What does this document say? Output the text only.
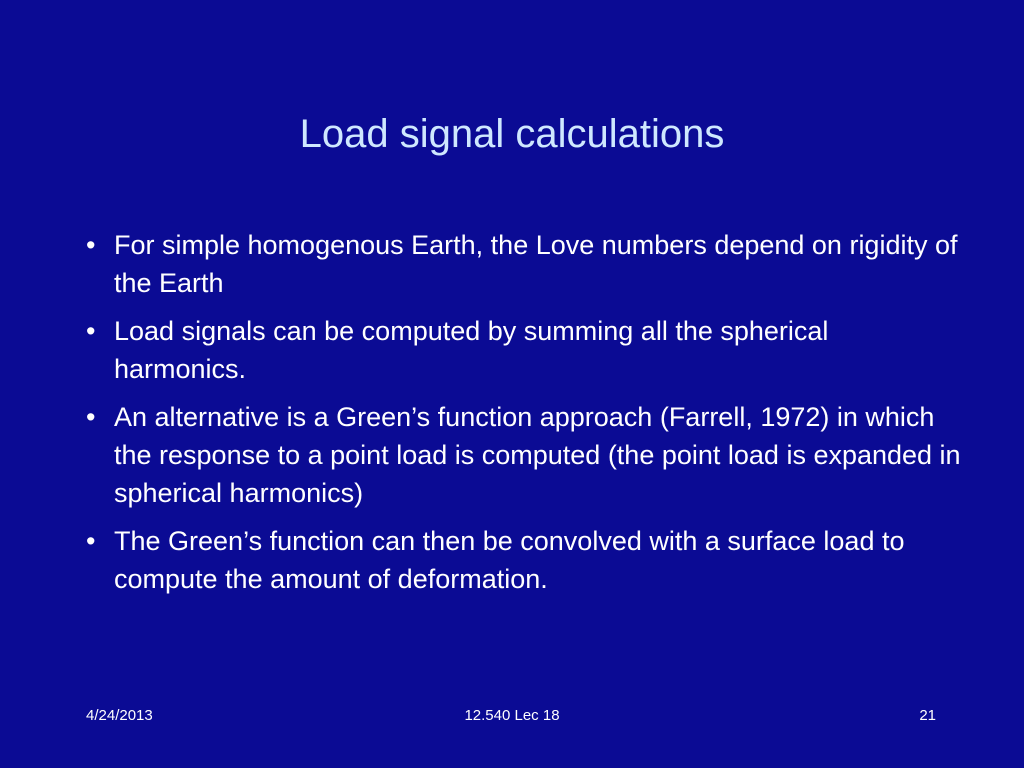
Load signal calculations
• For simple homogenous Earth, the Love numbers depend on rigidity of the Earth
• Load signals can be computed by summing all the spherical harmonics.
• An alternative is a Green’s function approach (Farrell, 1972) in which the response to a point load is computed (the point load is expanded in spherical harmonics)
• The Green’s function can then be convolved with a surface load to compute the amount of deformation.
4/24/2013	12.540 Lec 18	21
